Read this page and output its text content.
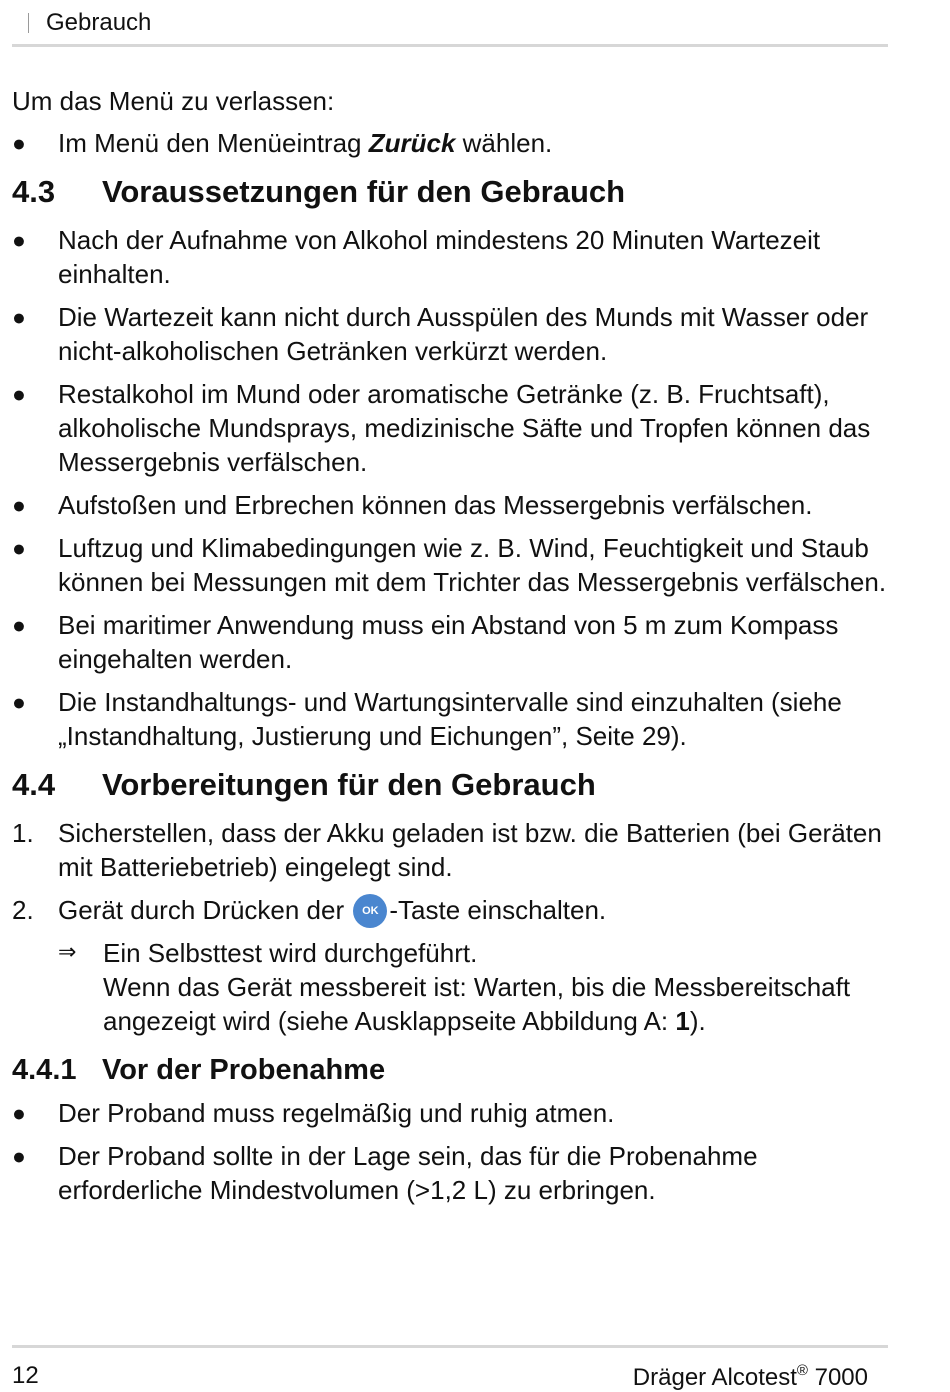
Gebrauch

Um das Menü zu verlassen:

●	Im Menü den Menüeintrag Zurück wählen.
4.3 Voraussetzungen für den Gebrauch
●	Nach der Aufnahme von Alkohol mindestens 20 Minuten Wartezeit einhalten.
●	Die Wartezeit kann nicht durch Ausspülen des Munds mit Wasser oder nicht-alkoholischen Getränken verkürzt werden.
●	Restalkohol im Mund oder aromatische Getränke (z. B. Fruchtsaft), alkoholische Mundsprays, medizinische Säfte und Tropfen können das Messergebnis verfälschen.
●	Aufstoßen und Erbrechen können das Messergebnis verfälschen.
●	Luftzug und Klimabedingungen wie z. B. Wind, Feuchtigkeit und Staub können bei Messungen mit dem Trichter das Messergebnis verfälschen.
●	Bei maritimer Anwendung muss ein Abstand von 5 m zum Kompass eingehalten werden.
●	Die Instandhaltungs- und Wartungsintervalle sind einzuhalten (siehe „Instandhaltung, Justierung und Eichungen”, Seite 29).
4.4 Vorbereitungen für den Gebrauch
1. Sicherstellen, dass der Akku geladen ist bzw. die Batterien (bei Geräten mit Batteriebetrieb) eingelegt sind.
2. Gerät durch Drücken der OK -Taste einschalten.
⇒ Ein Selbsttest wird durchgeführt.
Wenn das Gerät messbereit ist: Warten, bis die Messbereitschaft angezeigt wird (siehe Ausklappseite Abbildung A: 1).
4.4.1 Vor der Probenahme
●	Der Proband muss regelmäßig und ruhig atmen.
●	Der Proband sollte in der Lage sein, das für die Probenahme erforderliche Mindestvolumen (>1,2 L) zu erbringen.
12	Dräger Alcotest® 7000
